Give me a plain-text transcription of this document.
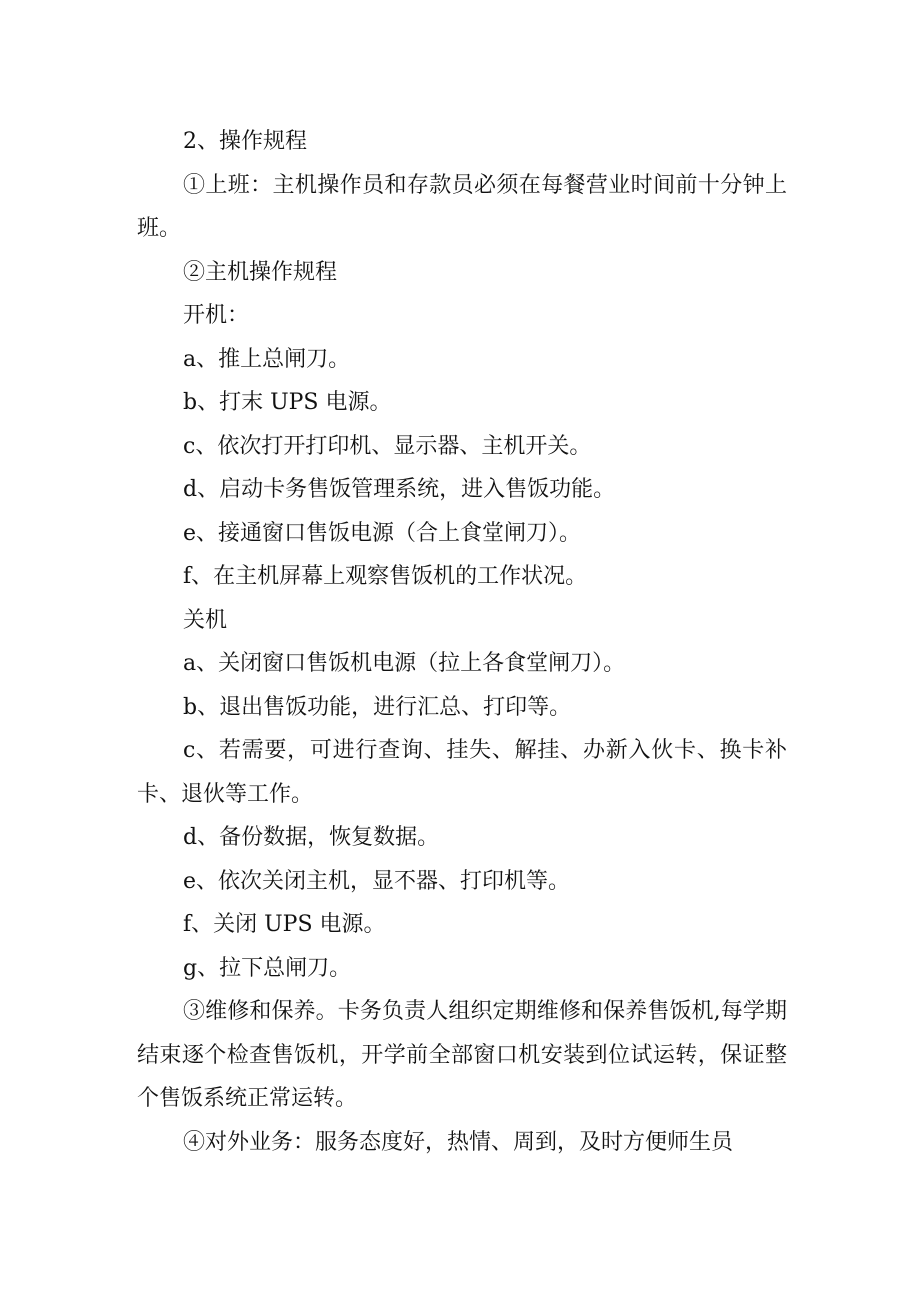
2、操作规程

①上班：主机操作员和存款员必须在每餐营业时间前十分钟上班。

②主机操作规程

开机：

a、推上总闸刀。

b、打末 UPS 电源。

c、依次打开打印机、显示器、主机开关。

d、启动卡务售饭管理系统，进入售饭功能。

e、接通窗口售饭电源（合上食堂闸刀）。

f、在主机屏幕上观察售饭机的工作状况。

关机

a、关闭窗口售饭机电源（拉上各食堂闸刀）。

b、退出售饭功能，进行汇总、打印等。

c、若需要，可进行查询、挂失、解挂、办新入伙卡、换卡补卡、退伙等工作。

d、备份数据，恢复数据。

e、依次关闭主机，显不器、打印机等。

f、关闭 UPS 电源。

g、拉下总闸刀。

③维修和保养。卡务负责人组织定期维修和保养售饭机,每学期结束逐个检查售饭机，开学前全部窗口机安装到位试运转，保证整个售饭系统正常运转。

④对外业务：服务态度好，热情、周到，及时方便师生员
